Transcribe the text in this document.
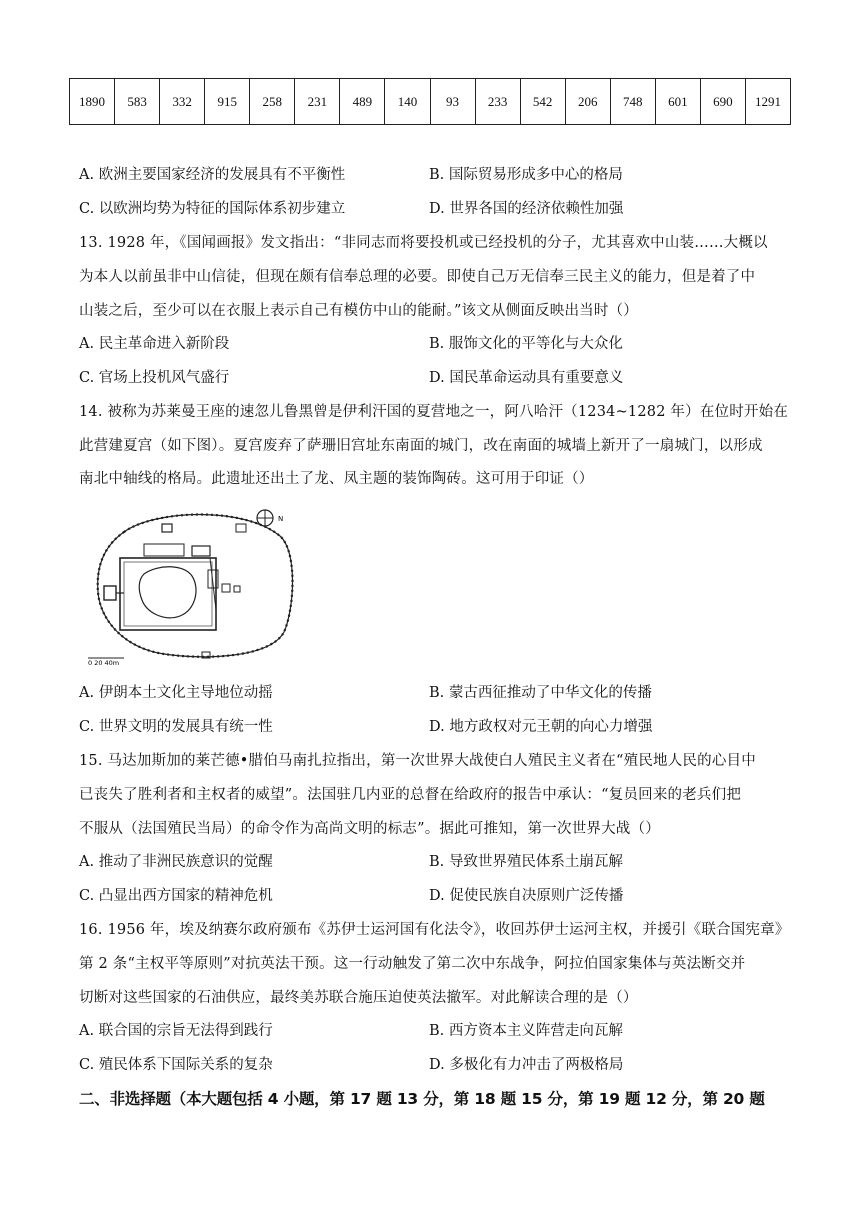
1890	583	332	915	258	231	489	140	93	233	542	206	748	601	690	1291
A. 欧洲主要国家经济的发展具有不平衡性	B. 国际贸易形成多中心的格局
C. 以欧洲均势为特征的国际体系初步建立	D. 世界各国的经济依赖性加强
13. 1928 年，《国闻画报》发文指出：“非同志而将要投机或已经投机的分子，尤其喜欢中山装……大概以
为本人以前虽非中山信徒，但现在颇有信奉总理的必要。即使自己万无信奉三民主义的能力，但是着了中
山装之后，至少可以在衣服上表示自己有模仿中山的能耐。”该文从侧面反映出当时（）
A. 民主革命进入新阶段	B. 服饰文化的平等化与大众化
C. 官场上投机风气盛行	D. 国民革命运动具有重要意义
14. 被称为苏莱曼王座的速忽儿鲁黑曾是伊利汗国的夏营地之一，阿八哈汗（1234~1282 年）在位时开始在
此营建夏宫（如下图）。夏宫废弃了萨珊旧宫址东南面的城门，改在南面的城墙上新开了一扇城门，以形成
南北中轴线的格局。此遗址还出土了龙、凤主题的装饰陶砖。这可用于印证（）
N
0 20 40m
A. 伊朗本土文化主导地位动摇	B. 蒙古西征推动了中华文化的传播
C. 世界文明的发展具有统一性	D. 地方政权对元王朝的向心力增强
15. 马达加斯加的莱芒德•腊伯马南扎拉指出，第一次世界大战使白人殖民主义者在“殖民地人民的心目中
已丧失了胜利者和主权者的威望”。法国驻几内亚的总督在给政府的报告中承认：“复员回来的老兵们把
不服从（法国殖民当局）的命令作为高尚文明的标志”。据此可推知，第一次世界大战（）
A. 推动了非洲民族意识的觉醒	B. 导致世界殖民体系土崩瓦解
C. 凸显出西方国家的精神危机	D. 促使民族自决原则广泛传播
16. 1956 年，埃及纳赛尔政府颁布《苏伊士运河国有化法令》，收回苏伊士运河主权，并援引《联合国宪章》
第 2 条“主权平等原则”对抗英法干预。这一行动触发了第二次中东战争，阿拉伯国家集体与英法断交并
切断对这些国家的石油供应，最终美苏联合施压迫使英法撤军。对此解读合理的是（）
A. 联合国的宗旨无法得到践行	B. 西方资本主义阵营走向瓦解
C. 殖民体系下国际关系的复杂	D. 多极化有力冲击了两极格局
二、非选择题（本大题包括 4 小题，第 17 题 13 分，第 18 题 15 分，第 19 题 12 分，第 20 题
